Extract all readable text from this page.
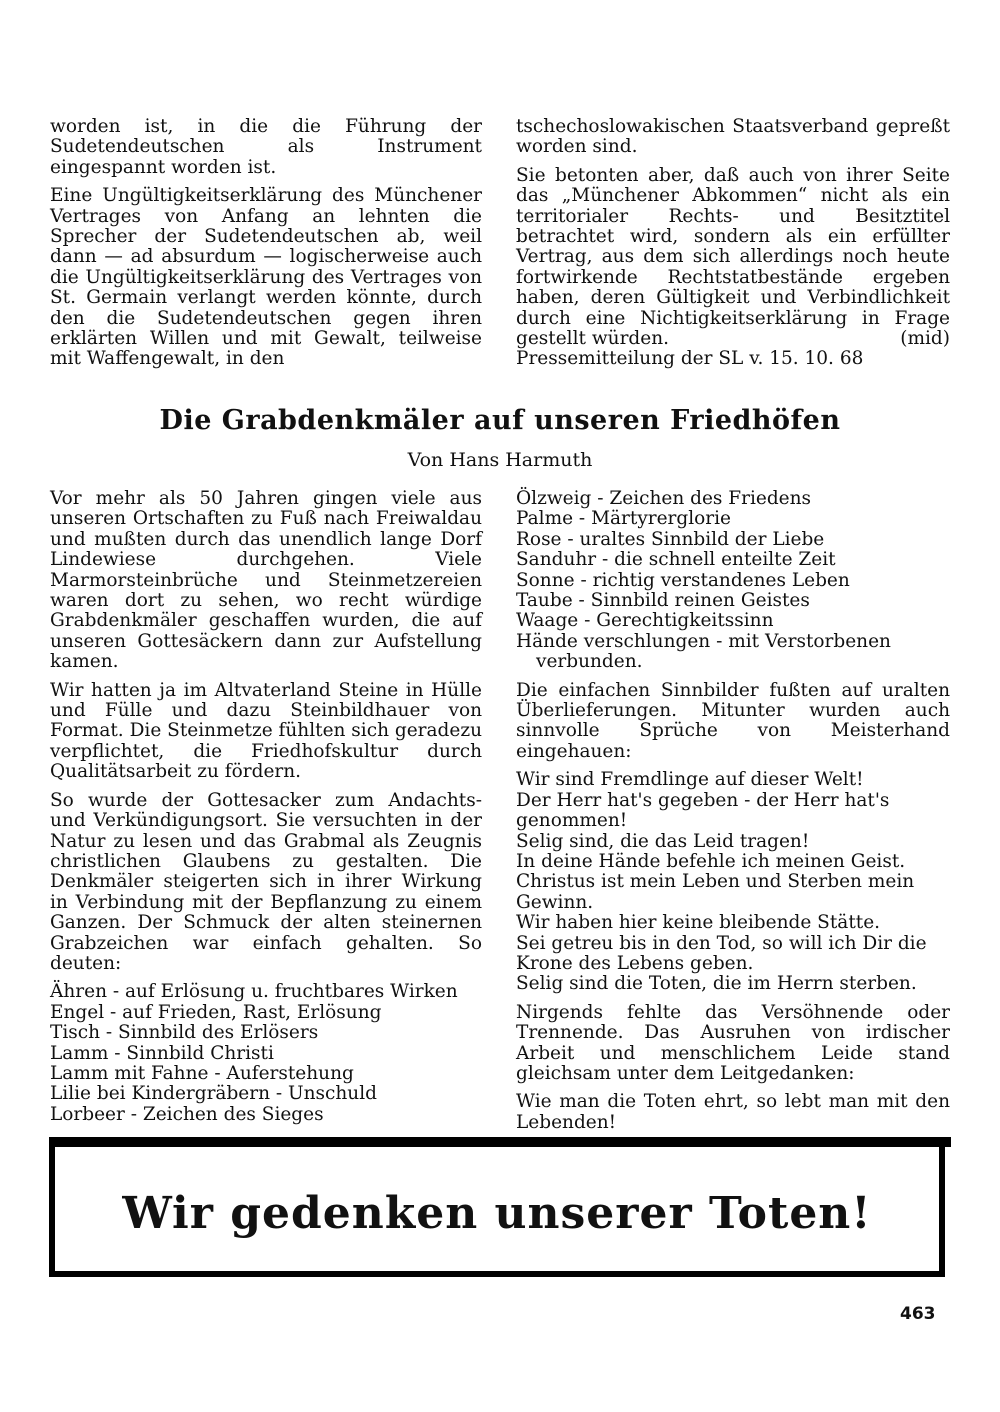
worden ist, in die die Führung der Sudetendeutschen als Instrument eingespannt worden ist.

Eine Ungültigkeitserklärung des Münchener Vertrages von Anfang an lehnten die Sprecher der Sudetendeutschen ab, weil dann — ad absurdum — logischerweise auch die Ungültigkeitserklärung des Vertrages von St. Germain verlangt werden könnte, durch den die Sudetendeutschen gegen ihren erklärten Willen und mit Gewalt, teilweise mit Waffengewalt, in den

tschechoslowakischen Staatsverband gepreßt worden sind.

Sie betonten aber, daß auch von ihrer Seite das „Münchener Abkommen“ nicht als ein territorialer Rechts- und Besitztitel betrachtet wird, sondern als ein erfüllter Vertrag, aus dem sich allerdings noch heute fortwirkende Rechtstatbestände ergeben haben, deren Gültigkeit und Verbindlichkeit durch eine Nichtigkeitserklärung in Frage gestellt würden.	(mid)

Pressemitteilung der SL v. 15. 10. 68

Die Grabdenkmäler auf unseren Friedhöfen

Von Hans Harmuth

Vor mehr als 50 Jahren gingen viele aus unseren Ortschaften zu Fuß nach Freiwaldau und mußten durch das unendlich lange Dorf Lindewiese durchgehen. Viele Marmorsteinbrüche und Steinmetzereien waren dort zu sehen, wo recht würdige Grabdenkmäler geschaffen wurden, die auf unseren Gottesäckern dann zur Aufstellung kamen.

Wir hatten ja im Altvaterland Steine in Hülle und Fülle und dazu Steinbildhauer von Format. Die Steinmetze fühlten sich geradezu verpflichtet, die Friedhofskultur durch Qualitätsarbeit zu fördern.

So wurde der Gottesacker zum Andachts- und Verkündigungsort. Sie versuchten in der Natur zu lesen und das Grabmal als Zeugnis christlichen Glaubens zu gestalten. Die Denkmäler steigerten sich in ihrer Wirkung in Verbindung mit der Bepflanzung zu einem Ganzen. Der Schmuck der alten steinernen Grabzeichen war einfach gehalten. So deuten:

Ähren - auf Erlösung u. fruchtbares Wirken
Engel - auf Frieden, Rast, Erlösung
Tisch - Sinnbild des Erlösers
Lamm - Sinnbild Christi
Lamm mit Fahne - Auferstehung
Lilie bei Kindergräbern - Unschuld
Lorbeer - Zeichen des Sieges
Ölzweig - Zeichen des Friedens
Palme - Märtyrerglorie
Rose - uraltes Sinnbild der Liebe
Sanduhr - die schnell enteilte Zeit
Sonne - richtig verstandenes Leben
Taube - Sinnbild reinen Geistes
Waage - Gerechtigkeitssinn
Hände verschlungen - mit Verstorbenen verbunden.

Die einfachen Sinnbilder fußten auf uralten Überlieferungen. Mitunter wurden auch sinnvolle Sprüche von Meisterhand eingehauen:

Wir sind Fremdlinge auf dieser Welt!
Der Herr hat's gegeben - der Herr hat's genommen!
Selig sind, die das Leid tragen!
In deine Hände befehle ich meinen Geist.
Christus ist mein Leben und Sterben mein Gewinn.
Wir haben hier keine bleibende Stätte.
Sei getreu bis in den Tod, so will ich Dir die Krone des Lebens geben.
Selig sind die Toten, die im Herrn sterben.

Nirgends fehlte das Versöhnende oder Trennende. Das Ausruhen von irdischer Arbeit und menschlichem Leide stand gleichsam unter dem Leitgedanken:

Wie man die Toten ehrt, so lebt man mit den Lebenden!

Wir gedenken unserer Toten!

463
